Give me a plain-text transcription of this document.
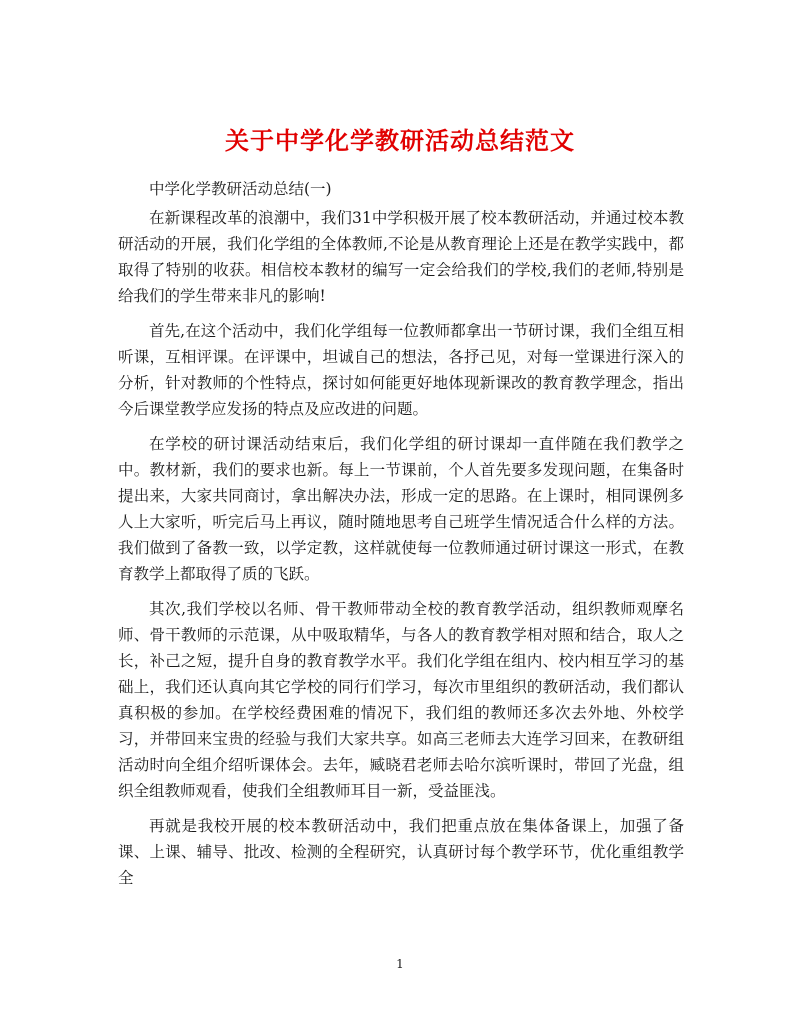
关于中学化学教研活动总结范文

中学化学教研活动总结(一)

在新课程改革的浪潮中，我们31中学积极开展了校本教研活动，并通过校本教研活动的开展，我们化学组的全体教师,不论是从教育理论上还是在教学实践中，都取得了特别的收获。相信校本教材的编写一定会给我们的学校,我们的老师,特别是给我们的学生带来非凡的影响!

首先,在这个活动中，我们化学组每一位教师都拿出一节研讨课，我们全组互相听课，互相评课。在评课中，坦诚自己的想法，各抒己见，对每一堂课进行深入的分析，针对教师的个性特点，探讨如何能更好地体现新课改的教育教学理念，指出今后课堂教学应发扬的特点及应改进的问题。

在学校的研讨课活动结束后，我们化学组的研讨课却一直伴随在我们教学之中。教材新，我们的要求也新。每上一节课前，个人首先要多发现问题，在集备时提出来，大家共同商讨，拿出解决办法，形成一定的思路。在上课时，相同课例多人上大家听，听完后马上再议，随时随地思考自己班学生情况适合什么样的方法。我们做到了备教一致，以学定教，这样就使每一位教师通过研讨课这一形式，在教育教学上都取得了质的飞跃。

其次,我们学校以名师、骨干教师带动全校的教育教学活动，组织教师观摩名师、骨干教师的示范课，从中吸取精华，与各人的教育教学相对照和结合，取人之长，补己之短，提升自身的教育教学水平。我们化学组在组内、校内相互学习的基础上，我们还认真向其它学校的同行们学习，每次市里组织的教研活动，我们都认真积极的参加。在学校经费困难的情况下，我们组的教师还多次去外地、外校学习，并带回来宝贵的经验与我们大家共享。如高三老师去大连学习回来，在教研组活动时向全组介绍听课体会。去年，臧晓君老师去哈尔滨听课时，带回了光盘，组织全组教师观看，使我们全组教师耳目一新，受益匪浅。

再就是我校开展的校本教研活动中，我们把重点放在集体备课上，加强了备课、上课、辅导、批改、检测的全程研究，认真研讨每个教学环节，优化重组教学全

1
